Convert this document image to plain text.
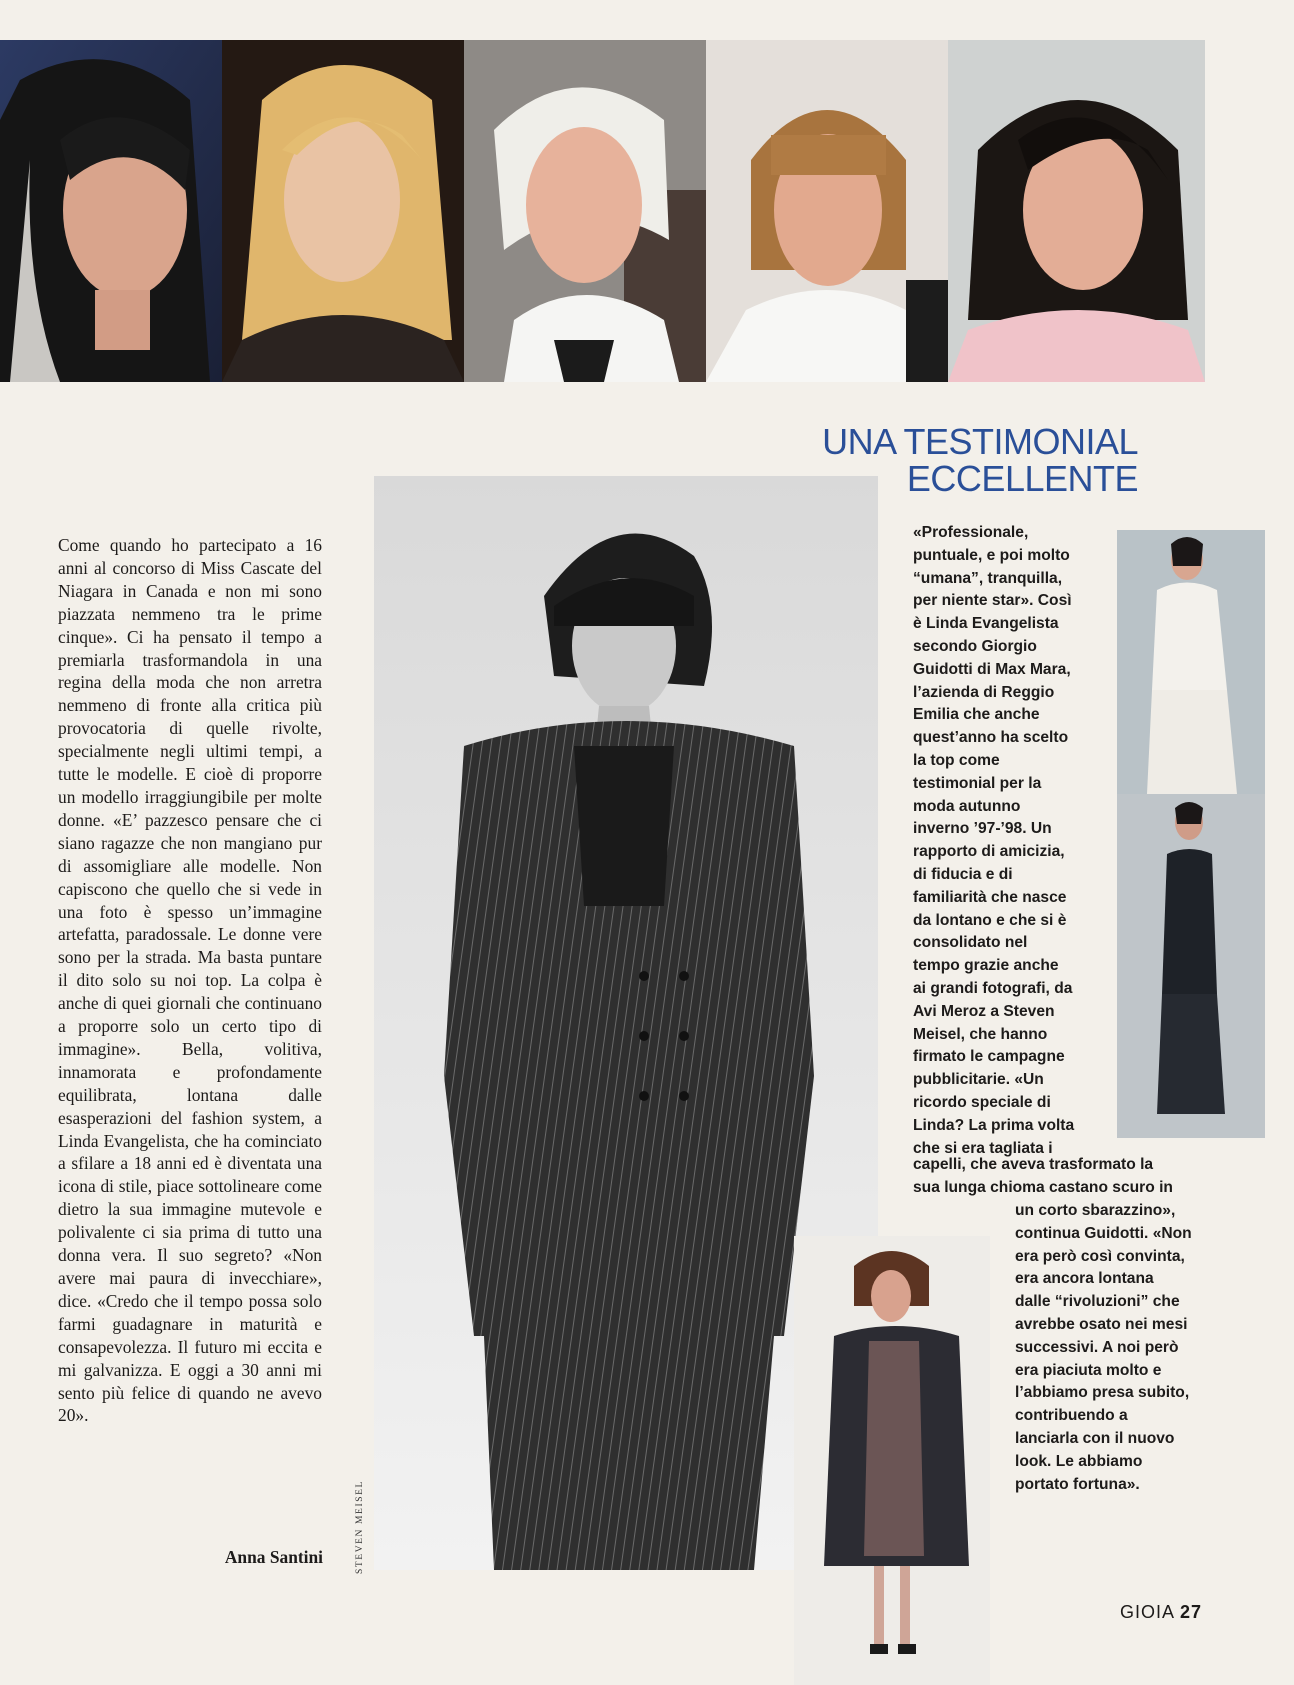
UNA TESTIMONIAL
ECCELLENTE

Come quando ho partecipato a 16 anni al concorso di Miss Cascate del Niagara in Canada e non mi sono piazzata nemmeno tra le prime cinque». Ci ha pensato il tempo a premiarla trasformandola in una regina della moda che non arretra nemmeno di fronte alla critica più provocatoria di quelle rivolte, specialmente negli ultimi tempi, a tutte le modelle. E cioè di proporre un modello irraggiungibile per molte donne. «E’ pazzesco pensare che ci siano ragazze che non mangiano pur di assomigliare alle modelle. Non capiscono che quello che si vede in una foto è spesso un’immagine artefatta, paradossale. Le donne vere sono per la strada. Ma basta puntare il dito solo su noi top. La colpa è anche di quei giornali che continuano a proporre solo un certo tipo di immagine». Bella, volitiva, innamorata e profondamente equilibrata, lontana dalle esasperazioni del fashion system, a Linda Evangelista, che ha cominciato a sfilare a 18 anni ed è diventata una icona di stile, piace sottolineare come dietro la sua immagine mutevole e polivalente ci sia prima di tutto una donna vera. Il suo segreto? «Non avere mai paura di invecchiare», dice. «Credo che il tempo possa solo farmi guadagnare in maturità e consapevolezza. Il futuro mi eccita e mi galvanizza. E oggi a 30 anni mi sento più felice di quando ne avevo 20».

Anna Santini	STEVEN MEISEL
«Professionale,
puntuale, e poi molto
“umana”, tranquilla,
per niente star». Così
è Linda Evangelista
secondo Giorgio
Guidotti di Max Mara,
l’azienda di Reggio
Emilia che anche
quest’anno ha scelto
la top come
testimonial per la
moda autunno
inverno ’97-’98. Un
rapporto di amicizia,
di fiducia e di
familiarità che nasce
da lontano e che si è
consolidato nel
tempo grazie anche
ai grandi fotografi, da
Avi Meroz a Steven
Meisel, che hanno
firmato le campagne
pubblicitarie. «Un
ricordo speciale di
Linda? La prima volta
che si era tagliata i
capelli, che aveva trasformato la
sua lunga chioma castano scuro in
un corto sbarazzino»,
continua Guidotti. «Non
era però così convinta,
era ancora lontana
dalle “rivoluzioni” che
avrebbe osato nei mesi
successivi. A noi però
era piaciuta molto e
l’abbiamo presa subito,
contribuendo a
lanciarla con il nuovo
look. Le abbiamo
portato fortuna».
GIOIA 27
